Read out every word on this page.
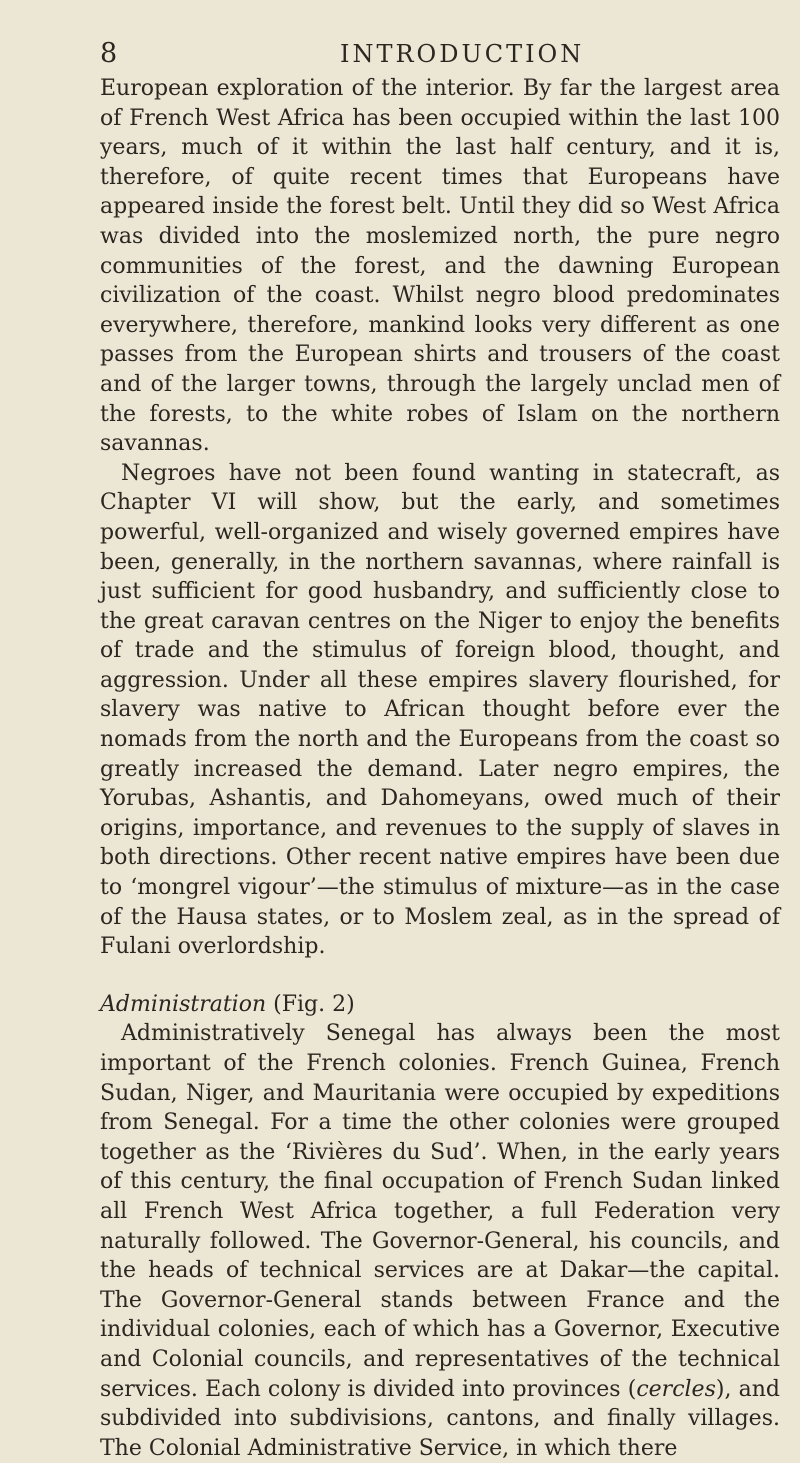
8	INTRODUCTION

European exploration of the interior. By far the largest area of French West Africa has been occupied within the last 100 years, much of it within the last half century, and it is, therefore, of quite recent times that Europeans have appeared inside the forest belt. Until they did so West Africa was divided into the moslemized north, the pure negro communities of the forest, and the dawning European civilization of the coast. Whilst negro blood predominates everywhere, therefore, mankind looks very different as one passes from the European shirts and trousers of the coast and of the larger towns, through the largely unclad men of the forests, to the white robes of Islam on the northern savannas.

Negroes have not been found wanting in statecraft, as Chapter VI will show, but the early, and sometimes powerful, well-organized and wisely governed empires have been, generally, in the northern savannas, where rainfall is just sufficient for good husbandry, and sufficiently close to the great caravan centres on the Niger to enjoy the benefits of trade and the stimulus of foreign blood, thought, and aggression. Under all these empires slavery flourished, for slavery was native to African thought before ever the nomads from the north and the Europeans from the coast so greatly increased the demand. Later negro empires, the Yorubas, Ashantis, and Dahomeyans, owed much of their origins, importance, and revenues to the supply of slaves in both directions. Other recent native empires have been due to ‘mongrel vigour’—the stimulus of mixture—as in the case of the Hausa states, or to Moslem zeal, as in the spread of Fulani overlordship.

Administration (Fig. 2)

Administratively Senegal has always been the most important of the French colonies. French Guinea, French Sudan, Niger, and Mauritania were occupied by expeditions from Senegal. For a time the other colonies were grouped together as the ‘Rivières du Sud’. When, in the early years of this century, the final occupation of French Sudan linked all French West Africa together, a full Federation very naturally followed. The Governor-General, his councils, and the heads of technical services are at Dakar—the capital. The Governor-General stands between France and the individual colonies, each of which has a Governor, Executive and Colonial councils, and representatives of the technical services. Each colony is divided into provinces (cercles), and subdivided into subdivisions, cantons, and finally villages. The Colonial Administrative Service, in which there
